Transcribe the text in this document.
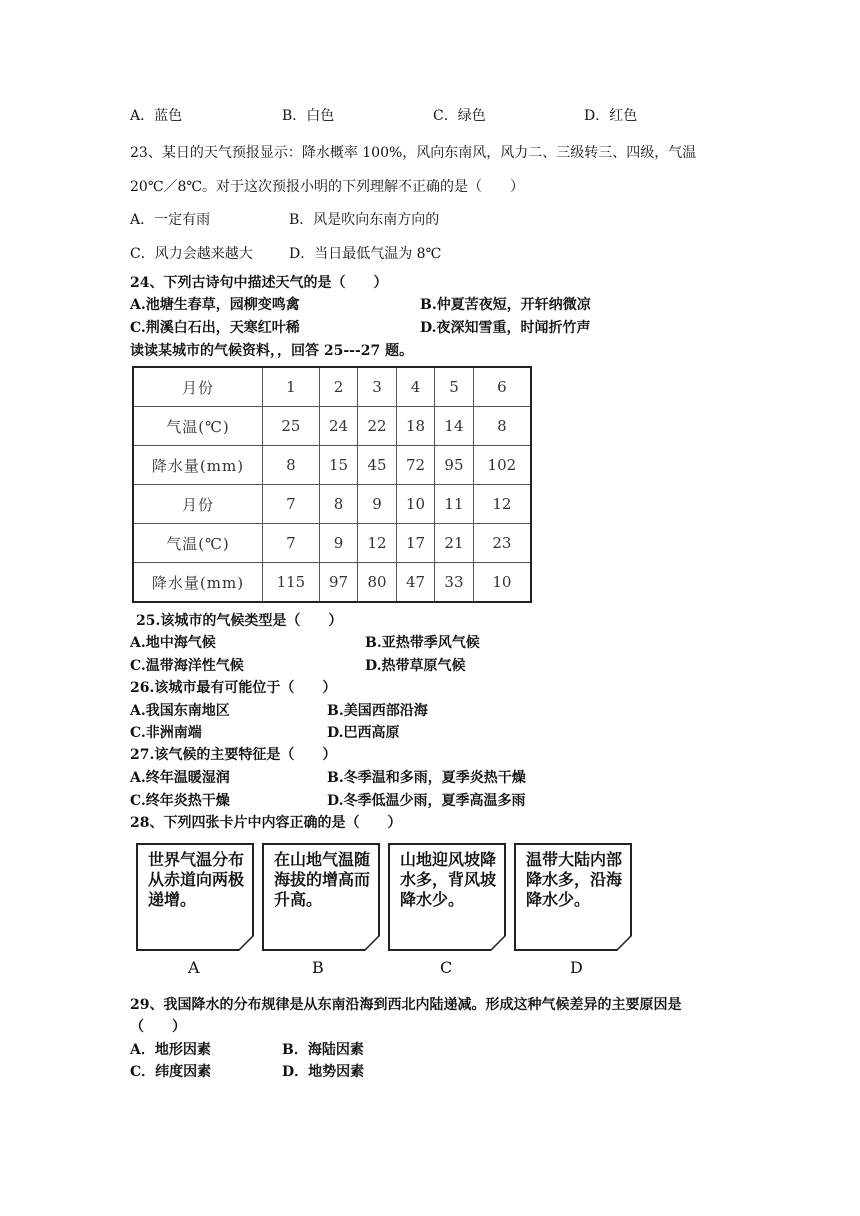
A．蓝色	B．白色	C．绿色	D．红色
23、某日的天气预报显示：降水概率 100%，风向东南风，风力二、三级转三、四级，气温
20℃／8℃。对于这次预报小明的下列理解不正确的是（　　）
A．一定有雨	B．风是吹向东南方向的
C．风力会越来越大	D．当日最低气温为 8℃
24、下列古诗句中描述天气的是（　　）
A.池塘生春草，园柳变鸣禽	B.仲夏苦夜短，开轩纳微凉
C.荆溪白石出，天寒红叶稀	D.夜深知雪重，时闻折竹声
读读某城市的气候资料，，回答 25---27 题。
月份	1	2	3	4	5	6
气温(℃)	25	24	22	18	14	8
降水量(mm)	8	15	45	72	95	102
月份	7	8	9	10	11	12
气温(℃)	7	9	12	17	21	23
降水量(mm)	115	97	80	47	33	10
25.该城市的气候类型是（　　）
A.地中海气候	B.亚热带季风气候
C.温带海洋性气候	D.热带草原气候
26.该城市最有可能位于（　　）
A.我国东南地区	B.美国西部沿海
C.非洲南端	D.巴西高原
27.该气候的主要特征是（　　）
A.终年温暖湿润	B.冬季温和多雨，夏季炎热干燥
C.终年炎热干燥	D.冬季低温少雨，夏季高温多雨
28、下列四张卡片中内容正确的是（　　）
世界气温分布从赤道向两极递增。
在山地气温随海拔的增高而升高。
山地迎风坡降水多，背风坡降水少。
温带大陆内部降水多，沿海降水少。
A	B	C	D
29、我国降水的分布规律是从东南沿海到西北内陆递减。形成这种气候差异的主要原因是
（　　）
A．地形因素	B．海陆因素
C．纬度因素	D．地势因素
